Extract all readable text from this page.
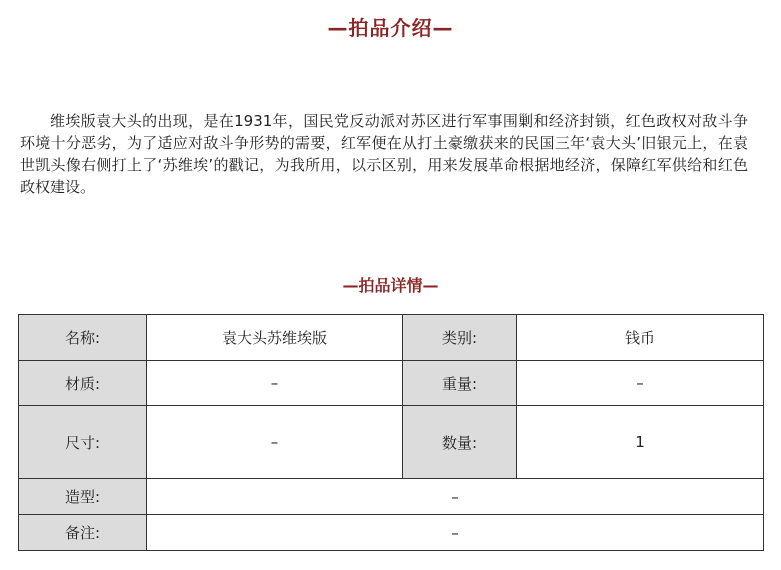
—拍品介绍—

维埃版袁大头的出现，是在1931年，国民党反动派对苏区进行军事围剿和经济封锁，红色政权对敌斗争环境十分恶劣，为了适应对敌斗争形势的需要，红军便在从打土豪缴获来的民国三年‘袁大头’旧银元上，在袁世凯头像右侧打上了‘苏维埃’的戳记，为我所用，以示区别，用来发展革命根据地经济，保障红军供给和红色政权建设。

—拍品详情—
名称:	袁大头苏维埃版	类别:	钱币
材质:	–	重量:	–
尺寸:	–	数量:	1
造型:	–		
备注:	–		
